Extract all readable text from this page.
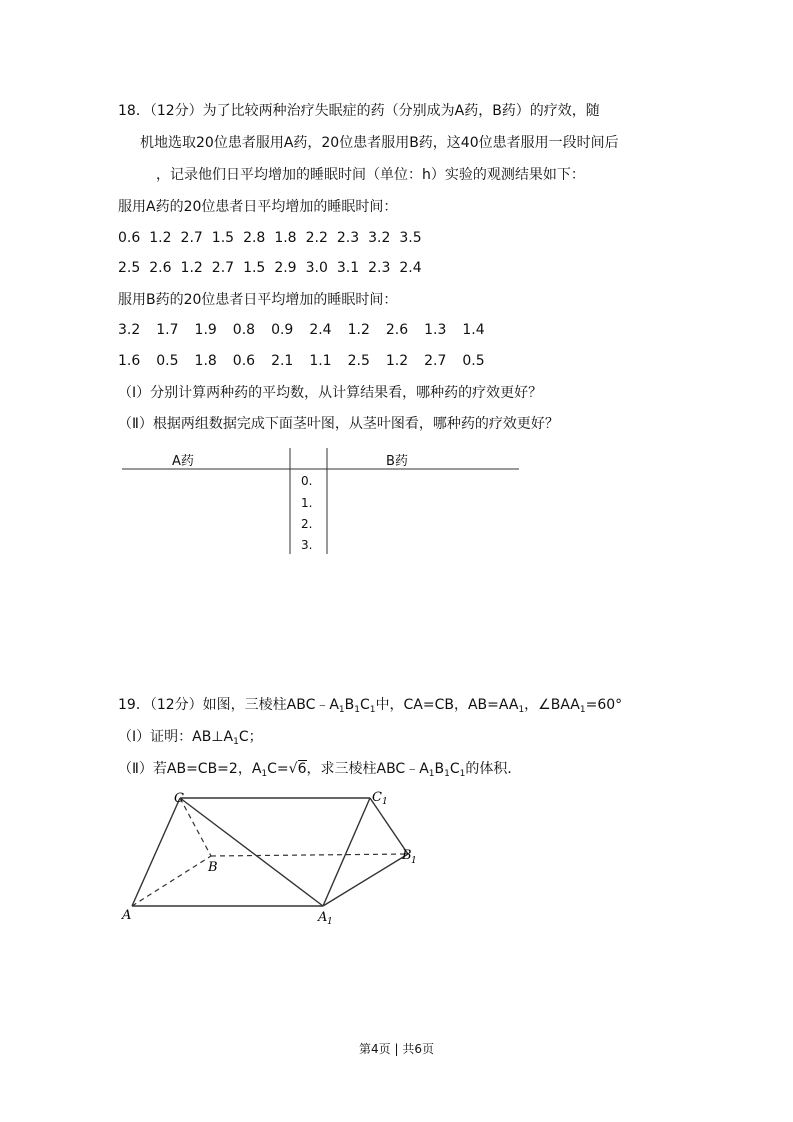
18．（12分）为了比较两种治疗失眠症的药（分别成为A药，B药）的疗效，随
机地选取20位患者服用A药，20位患者服用B药，这40位患者服用一段时间后
，记录他们日平均增加的睡眠时间（单位：h）实验的观测结果如下：
服用A药的20位患者日平均增加的睡眠时间：
0.6 1.2 2.7 1.5 2.8 1.8 2.2 2.3 3.2 3.5
2.5 2.6 1.2 2.7 1.5 2.9 3.0 3.1 2.3 2.4
服用B药的20位患者日平均增加的睡眠时间：
3.2 1.7 1.9 0.8 0.9 2.4 1.2 2.6 1.3 1.4
1.6 0.5 1.8 0.6 2.1 1.1 2.5 1.2 2.7 0.5
（Ⅰ）分别计算两种药的平均数，从计算结果看，哪种药的疗效更好？
（Ⅱ）根据两组数据完成下面茎叶图，从茎叶图看，哪种药的疗效更好？
A药	B药
0.
1.
2.
3.
19．（12分）如图，三棱柱$ABC﹣A_1B_1C_1$中，CA=CB，$AB=AA_1$，$\angle BAA_1=60^\circ$
（Ⅰ）证明：$AB\perp A_1C$；
（Ⅱ）若AB=CB=2，$A_1C=√6$，求三棱柱$ABC﹣A_1B_1C_1$的体积．
C	C 1
B
B 1
A	A 1
第4页 | 共6页
